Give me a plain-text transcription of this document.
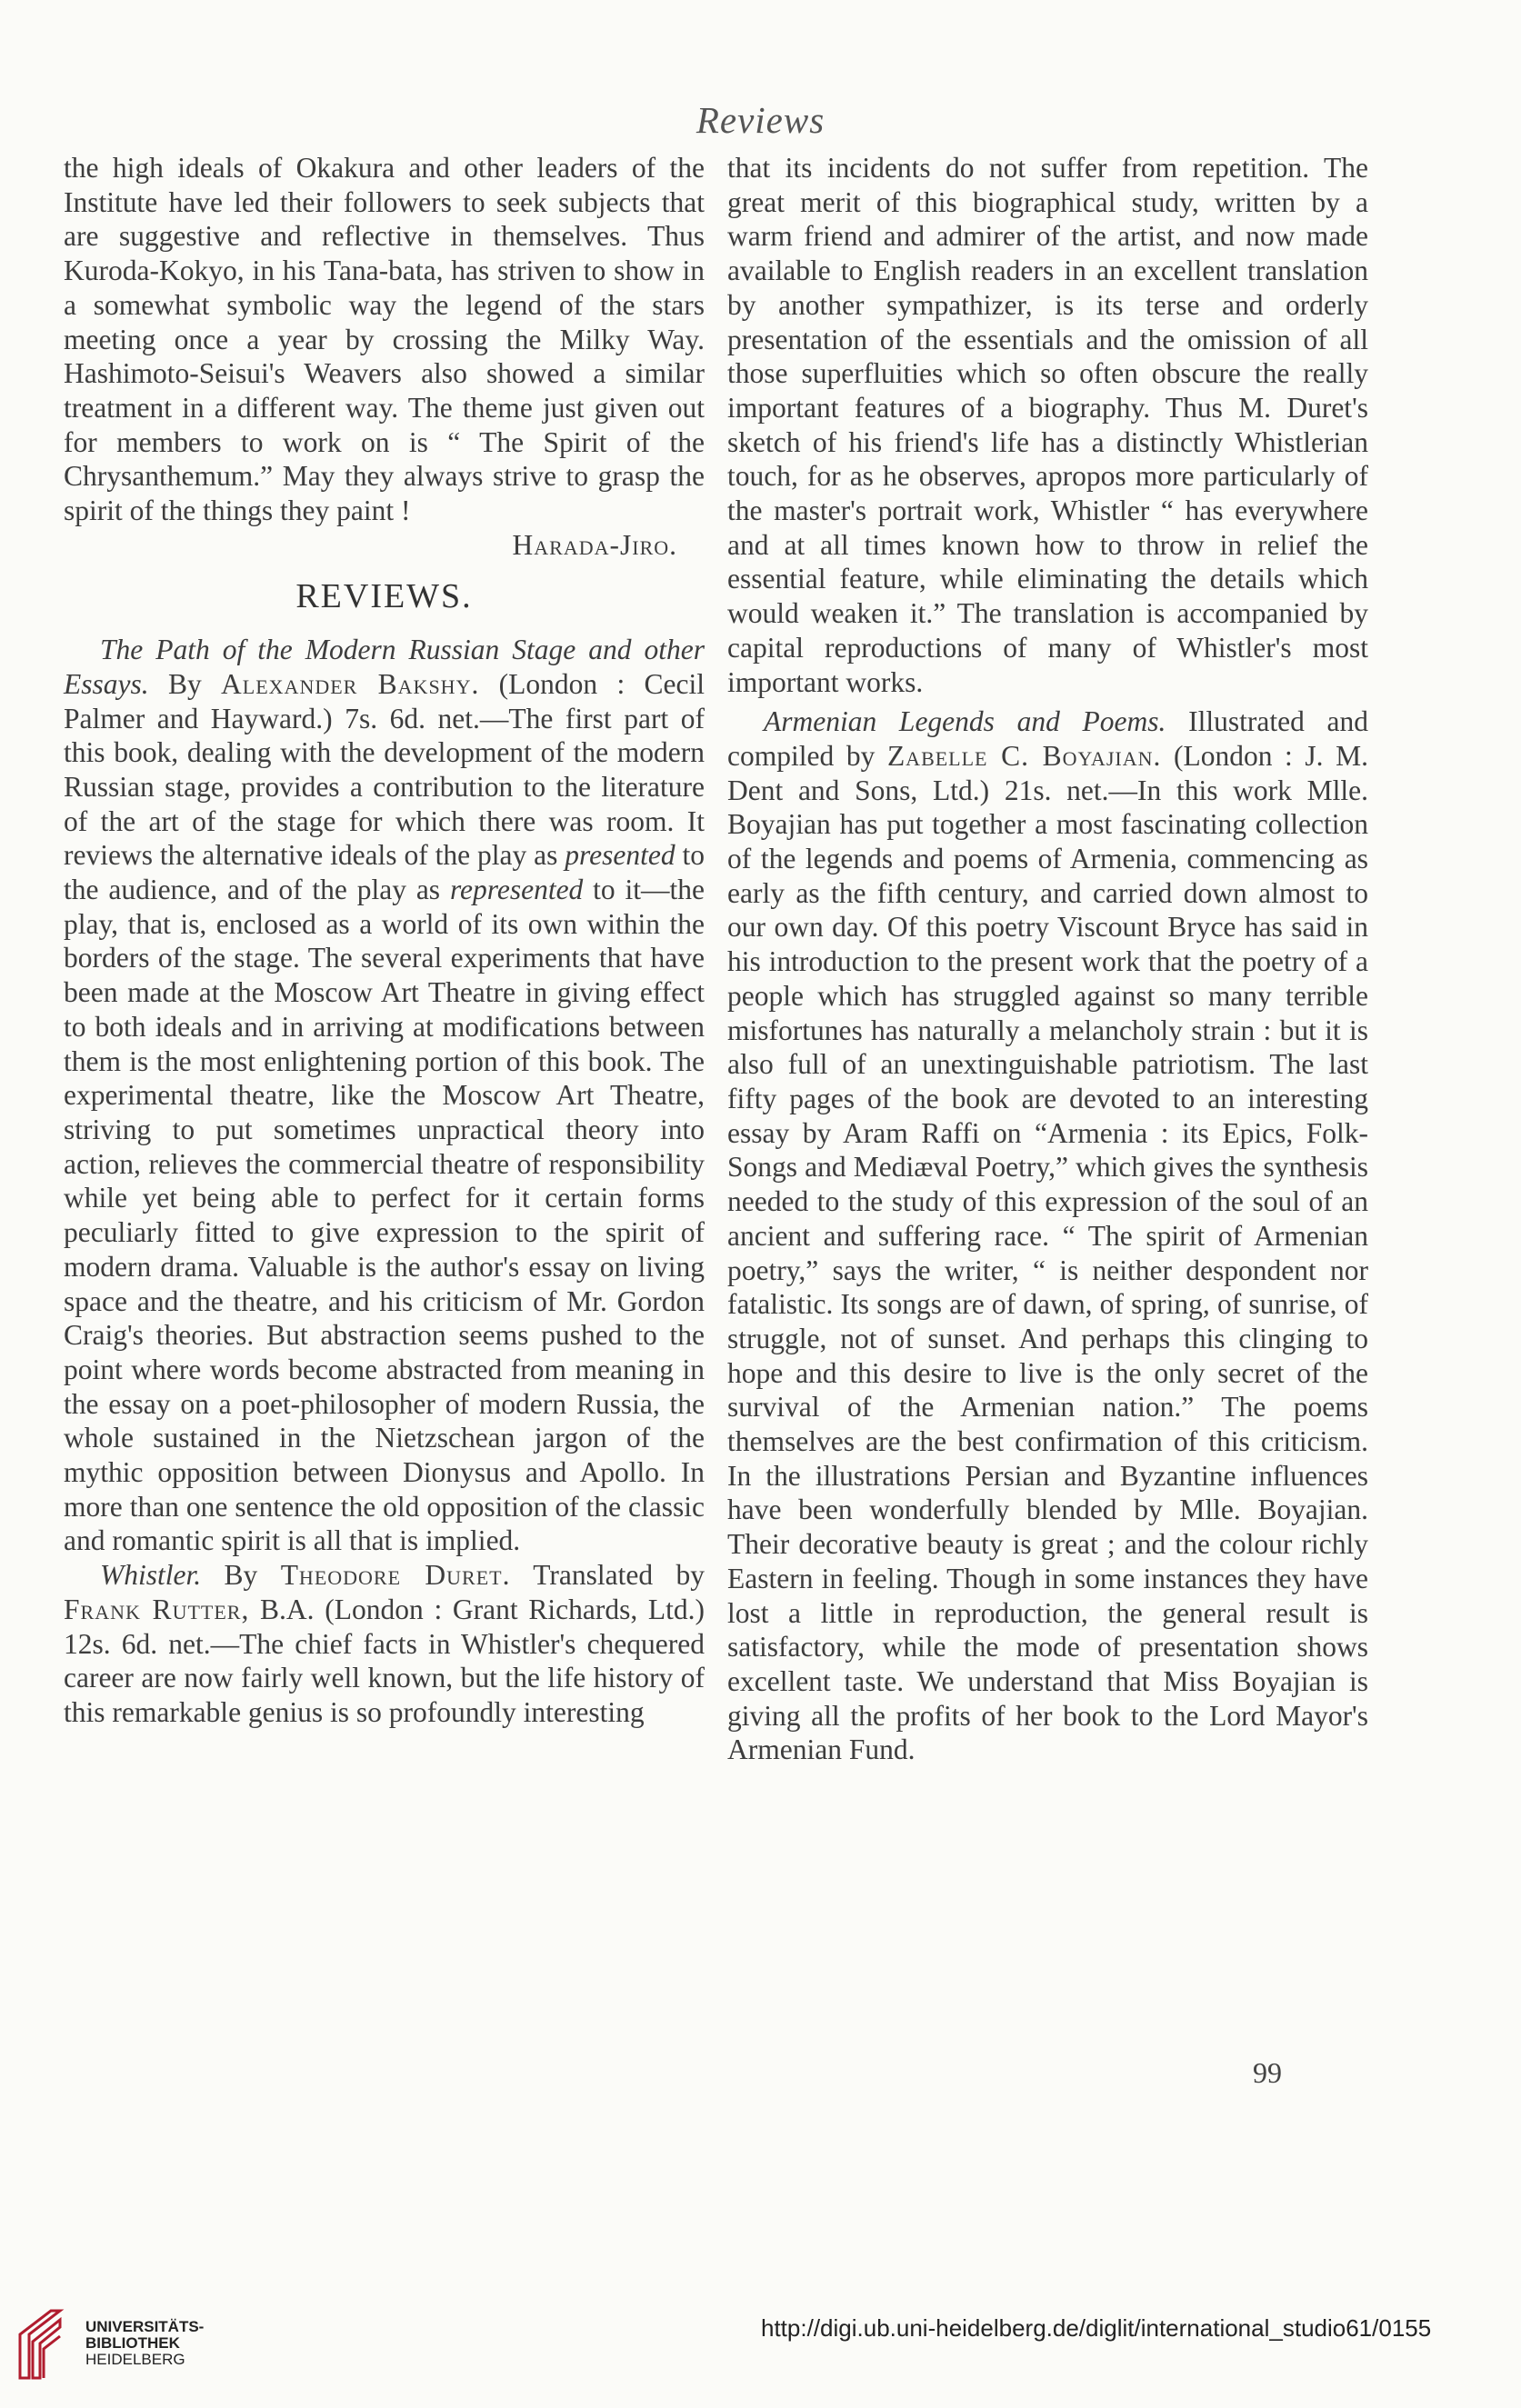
Reviews

the high ideals of Okakura and other leaders of the Institute have led their followers to seek subjects that are suggestive and reflective in themselves. Thus Kuroda-Kokyo, in his Tana-bata, has striven to show in a somewhat symbolic way the legend of the stars meeting once a year by crossing the Milky Way. Hashimoto-Seisui's Weavers also showed a similar treatment in a different way. The theme just given out for members to work on is “ The Spirit of the Chrysanthemum.” May they always strive to grasp the spirit of the things they paint !

Harada-Jiro.

REVIEWS.

The Path of the Modern Russian Stage and other Essays. By Alexander Bakshy. (London : Cecil Palmer and Hayward.) 7s. 6d. net.—The first part of this book, dealing with the development of the modern Russian stage, provides a contribution to the literature of the art of the stage for which there was room. It reviews the alternative ideals of the play as presented to the audience, and of the play as represented to it—the play, that is, enclosed as a world of its own within the borders of the stage. The several experiments that have been made at the Moscow Art Theatre in giving effect to both ideals and in arriving at modifications between them is the most enlightening portion of this book. The experimental theatre, like the Moscow Art Theatre, striving to put sometimes unpractical theory into action, relieves the commercial theatre of responsibility while yet being able to perfect for it certain forms peculiarly fitted to give expression to the spirit of modern drama. Valuable is the author's essay on living space and the theatre, and his criticism of Mr. Gordon Craig's theories. But abstraction seems pushed to the point where words become abstracted from meaning in the essay on a poet-philosopher of modern Russia, the whole sustained in the Nietzschean jargon of the mythic opposition between Dionysus and Apollo. In more than one sentence the old opposition of the classic and romantic spirit is all that is implied.

Whistler. By Theodore Duret. Translated by Frank Rutter, B.A. (London : Grant Richards, Ltd.) 12s. 6d. net.—The chief facts in Whistler's chequered career are now fairly well known, but the life history of this remarkable genius is so profoundly interesting

that its incidents do not suffer from repetition. The great merit of this biographical study, written by a warm friend and admirer of the artist, and now made available to English readers in an excellent translation by another sympathizer, is its terse and orderly presentation of the essentials and the omission of all those superfluities which so often obscure the really important features of a biography. Thus M. Duret's sketch of his friend's life has a distinctly Whistlerian touch, for as he observes, apropos more particularly of the master's portrait work, Whistler “ has everywhere and at all times known how to throw in relief the essential feature, while eliminating the details which would weaken it.” The translation is accompanied by capital reproductions of many of Whistler's most important works.

Armenian Legends and Poems. Illustrated and compiled by Zabelle C. Boyajian. (London : J. M. Dent and Sons, Ltd.) 21s. net.—In this work Mlle. Boyajian has put together a most fascinating collection of the legends and poems of Armenia, commencing as early as the fifth century, and carried down almost to our own day. Of this poetry Viscount Bryce has said in his introduction to the present work that the poetry of a people which has struggled against so many terrible misfortunes has naturally a melancholy strain : but it is also full of an unextinguishable patriotism. The last fifty pages of the book are devoted to an interesting essay by Aram Raffi on “Armenia : its Epics, Folk-Songs and Mediæval Poetry,” which gives the synthesis needed to the study of this expression of the soul of an ancient and suffering race. “ The spirit of Armenian poetry,” says the writer, “ is neither despondent nor fatalistic. Its songs are of dawn, of spring, of sunrise, of struggle, not of sunset. And perhaps this clinging to hope and this desire to live is the only secret of the survival of the Armenian nation.” The poems themselves are the best confirmation of this criticism. In the illustrations Persian and Byzantine influences have been wonderfully blended by Mlle. Boyajian. Their decorative beauty is great ; and the colour richly Eastern in feeling. Though in some instances they have lost a little in reproduction, the general result is satisfactory, while the mode of presentation shows excellent taste. We understand that Miss Boyajian is giving all the profits of her book to the Lord Mayor's Armenian Fund.

99
UNIVERSITÄTS-
BIBLIOTHEK
HEIDELBERG
http://digi.ub.uni-heidelberg.de/diglit/international_studio61/0155
